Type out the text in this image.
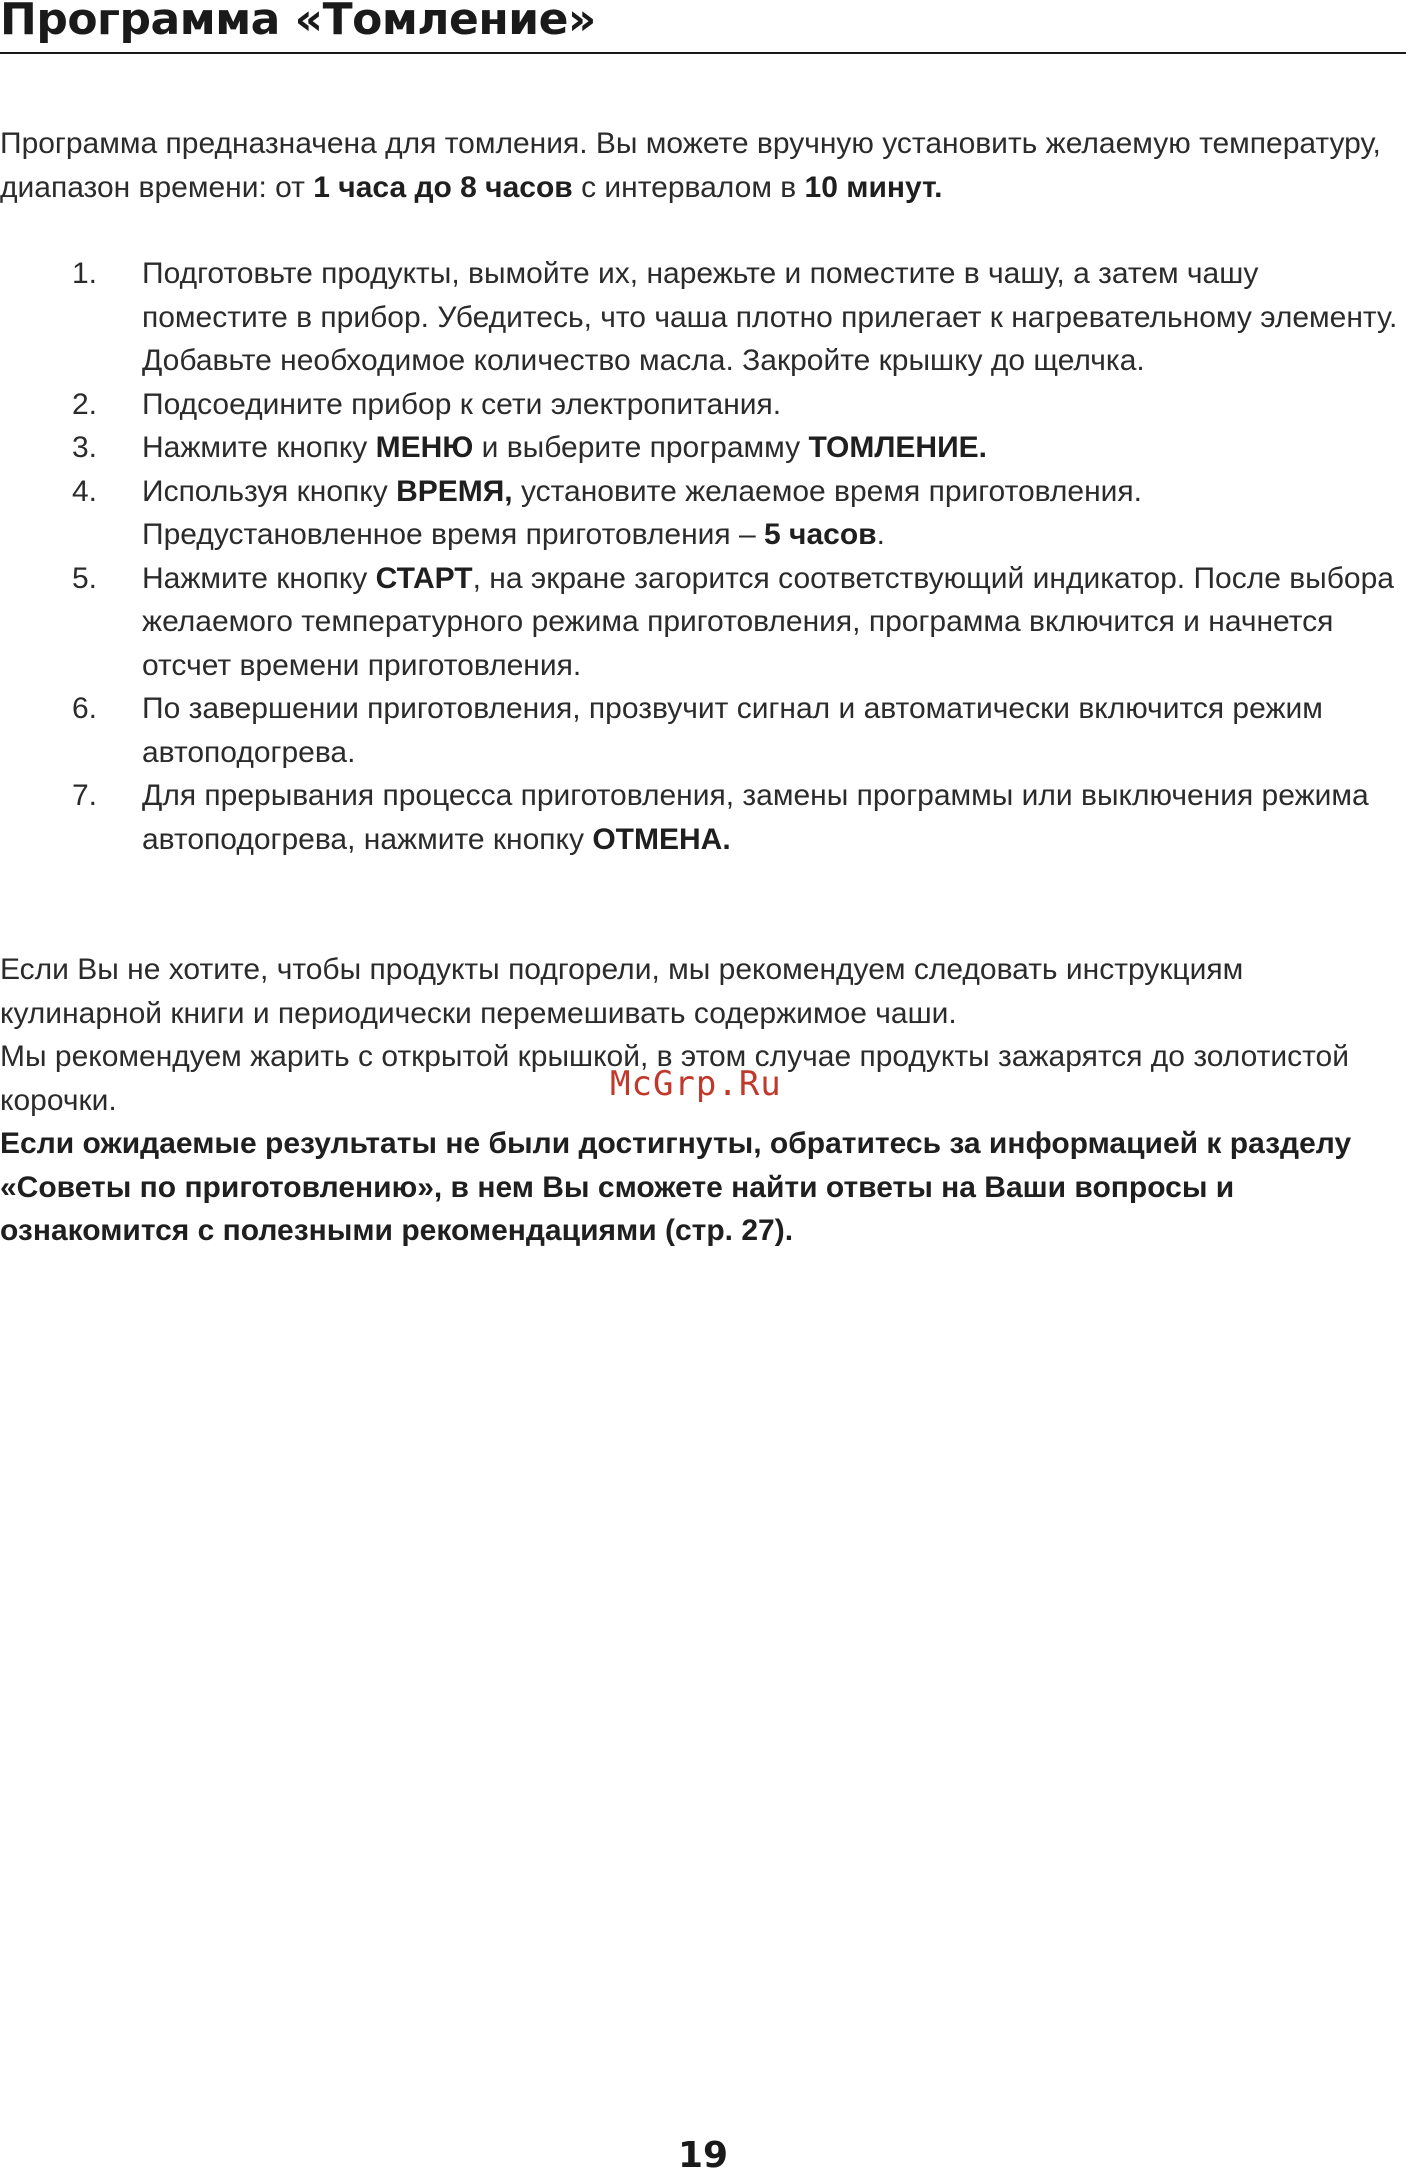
Программа «Томление»

Программа предназначена для томления. Вы можете вручную установить желаемую температуру, диапазон времени: от 1 часа до 8 часов с интервалом в 10 минут.

1. Подготовьте продукты, вымойте их, нарежьте и поместите в чашу, а затем чашу поместите в прибор. Убедитесь, что чаша плотно прилегает к нагревательному элементу. Добавьте необходимое количество масла. Закройте крышку до щелчка.
2. Подсоедините прибор к сети электропитания.
3. Нажмите кнопку МЕНЮ и выберите программу ТОМЛЕНИЕ.
4. Используя кнопку ВРЕМЯ, установите желаемое время приготовления. Предустановленное время приготовления – 5 часов.
5. Нажмите кнопку СТАРТ, на экране загорится соответствующий индикатор. После выбора желаемого температурного режима приготовления, программа включится и начнется отсчет времени приготовления.
6. По завершении приготовления, прозвучит сигнал и автоматически включится режим автоподогрева.
7. Для прерывания процесса приготовления, замены программы или выключения режима автоподогрева, нажмите кнопку ОТМЕНА.
Если Вы не хотите, чтобы продукты подгорели, мы рекомендуем следовать инструкциям кулинарной книги и периодически перемешивать содержимое чаши.
Мы рекомендуем жарить с открытой крышкой, в этом случае продукты зажарятся до золотистой корочки.
Если ожидаемые результаты не были достигнуты, обратитесь за информацией к разделу «Советы по приготовлению», в нем Вы сможете найти ответы на Ваши вопросы и ознакомится с полезными рекомендациями (стр. 27).
McGrp.Ru
19
